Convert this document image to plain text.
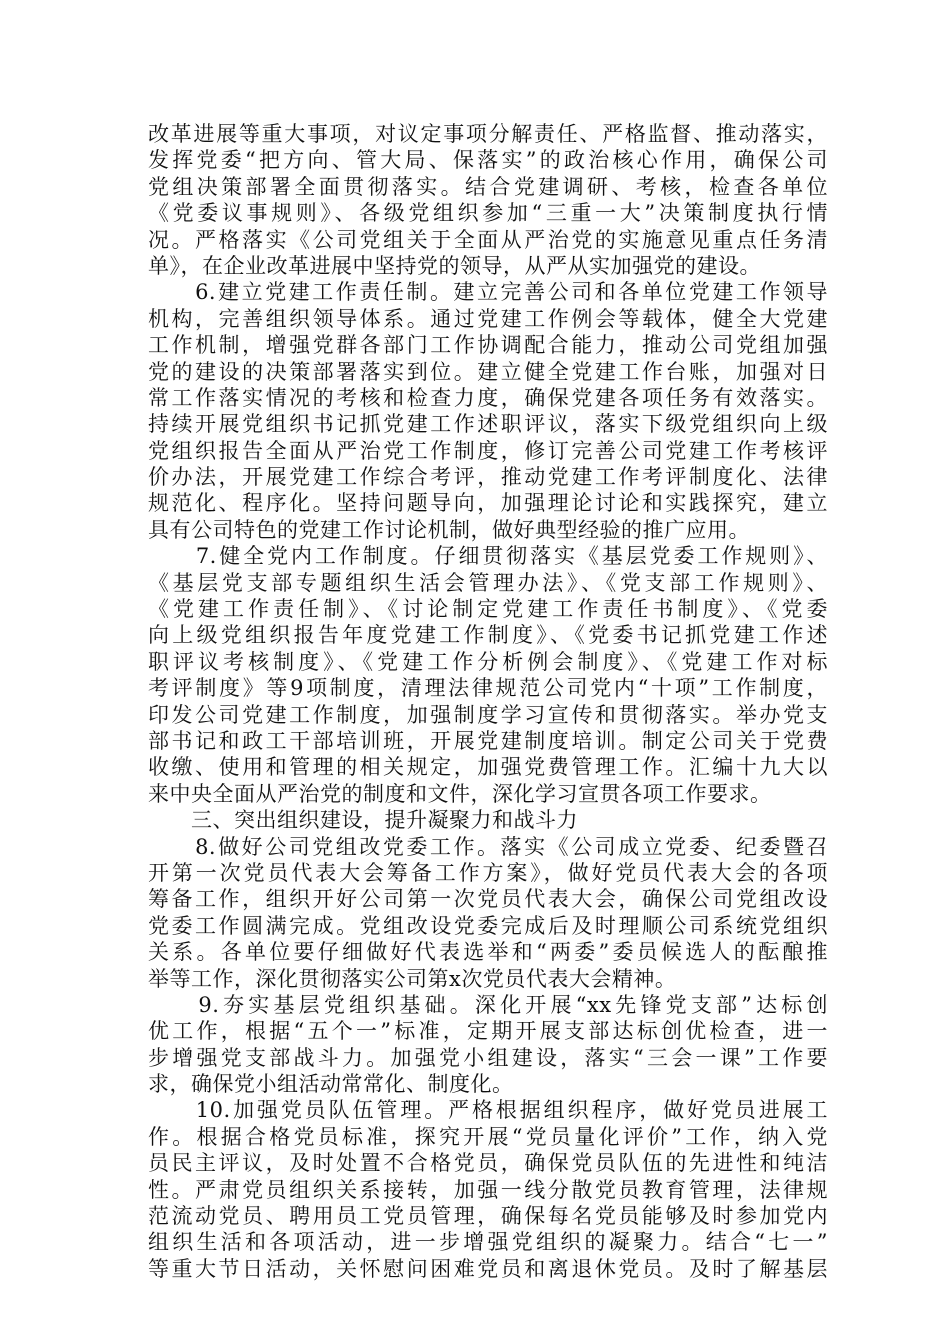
改革进展等重大事项，对议定事项分解责任、严格监督、推动落实，
发挥党委“把方向、管大局、保落实”的政治核心作用，确保公司
党组决策部署全面贯彻落实。结合党建调研、考核，检查各单位
《党委议事规则》、各级党组织参加“三重一大”决策制度执行情
况。严格落实《公司党组关于全面从严治党的实施意见重点任务清
单》，在企业改革进展中坚持党的领导，从严从实加强党的建设。
　　6.建立党建工作责任制。建立完善公司和各单位党建工作领导
机构，完善组织领导体系。通过党建工作例会等载体，健全大党建
工作机制，增强党群各部门工作协调配合能力，推动公司党组加强
党的建设的决策部署落实到位。建立健全党建工作台账，加强对日
常工作落实情况的考核和检查力度，确保党建各项任务有效落实。
持续开展党组织书记抓党建工作述职评议，落实下级党组织向上级
党组织报告全面从严治党工作制度，修订完善公司党建工作考核评
价办法，开展党建工作综合考评，推动党建工作考评制度化、法律
规范化、程序化。坚持问题导向，加强理论讨论和实践探究，建立
具有公司特色的党建工作讨论机制，做好典型经验的推广应用。
　　7.健全党内工作制度。仔细贯彻落实《基层党委工作规则》、
《基层党支部专题组织生活会管理办法》、《党支部工作规则》、
《党建工作责任制》、《讨论制定党建工作责任书制度》、《党委
向上级党组织报告年度党建工作制度》、《党委书记抓党建工作述
职评议考核制度》、《党建工作分析例会制度》、《党建工作对标
考评制度》等9项制度，清理法律规范公司党内“十项”工作制度，
印发公司党建工作制度，加强制度学习宣传和贯彻落实。举办党支
部书记和政工干部培训班，开展党建制度培训。制定公司关于党费
收缴、使用和管理的相关规定，加强党费管理工作。汇编十九大以
来中央全面从严治党的制度和文件，深化学习宣贯各项工作要求。
　　三、突出组织建设，提升凝聚力和战斗力
　　8.做好公司党组改党委工作。落实《公司成立党委、纪委暨召
开第一次党员代表大会筹备工作方案》，做好党员代表大会的各项
筹备工作，组织开好公司第一次党员代表大会，确保公司党组改设
党委工作圆满完成。党组改设党委完成后及时理顺公司系统党组织
关系。各单位要仔细做好代表选举和“两委”委员候选人的酝酿推
举等工作，深化贯彻落实公司第x次党员代表大会精神。
　　9.夯实基层党组织基础。深化开展“xx先锋党支部”达标创
优工作，根据“五个一”标准，定期开展支部达标创优检查，进一
步增强党支部战斗力。加强党小组建设，落实“三会一课”工作要
求，确保党小组活动常常化、制度化。
　　10.加强党员队伍管理。严格根据组织程序，做好党员进展工
作。根据合格党员标准，探究开展“党员量化评价”工作，纳入党
员民主评议，及时处置不合格党员，确保党员队伍的先进性和纯洁
性。严肃党员组织关系接转，加强一线分散党员教育管理，法律规
范流动党员、聘用员工党员管理，确保每名党员能够及时参加党内
组织生活和各项活动，进一步增强党组织的凝聚力。结合“七一”
等重大节日活动，关怀慰问困难党员和离退休党员。及时了解基层
